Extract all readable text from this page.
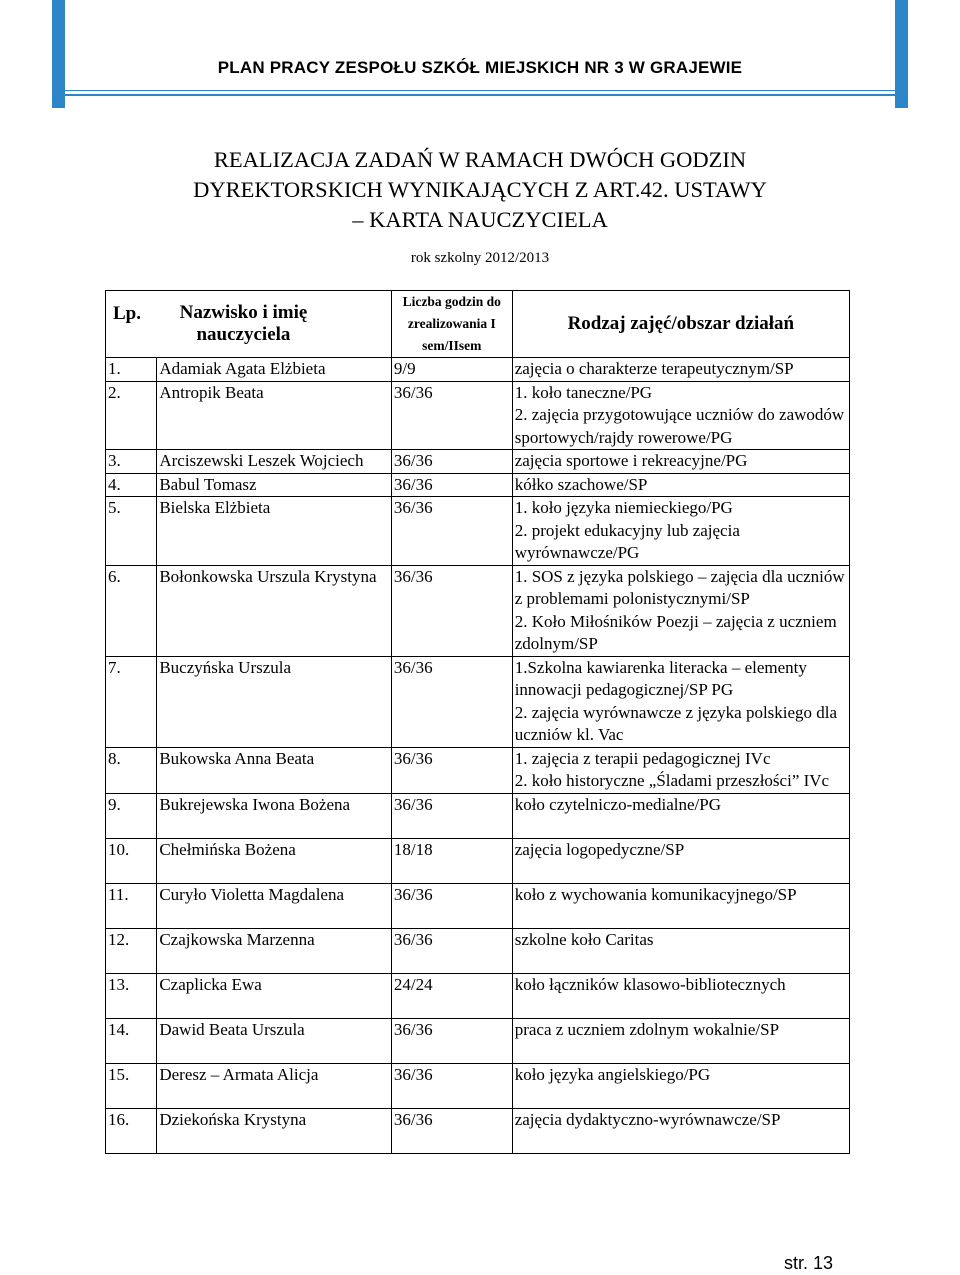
PLAN PRACY ZESPOŁU SZKÓŁ MIEJSKICH NR 3 W GRAJEWIE
REALIZACJA ZADAŃ W RAMACH DWÓCH GODZIN
DYREKTORSKICH WYNIKAJĄCYCH Z ART.42. USTAWY
– KARTA NAUCZYCIELA
rok szkolny 2012/2013
Lp. Nazwisko i imię nauczyciela		Liczba godzin do zrealizowania I sem/IIsem	Rodzaj zajęć/obszar działań
1.	Adamiak Agata Elżbieta	9/9	zajęcia o charakterze terapeutycznym/SP

2.	Antropik Beata	36/36	1. koło taneczne/PG
2. zajęcia przygotowujące uczniów do zawodów sportowych/rajdy rowerowe/PG

3.	Arciszewski Leszek Wojciech	36/36	zajęcia sportowe i rekreacyjne/PG

4.	Babul Tomasz	36/36	kółko szachowe/SP

5.	Bielska Elżbieta	36/36	1. koło języka niemieckiego/PG
2. projekt edukacyjny lub zajęcia wyrównawcze/PG

6.	Bołonkowska Urszula Krystyna	36/36	1. SOS z języka polskiego – zajęcia dla uczniów z problemami polonistycznymi/SP
2. Koło Miłośników Poezji – zajęcia z uczniem zdolnym/SP

7.	Buczyńska Urszula	36/36	1.Szkolna kawiarenka literacka – elementy innowacji pedagogicznej/SP PG
2. zajęcia wyrównawcze z języka polskiego dla uczniów kl. Vac

8.	Bukowska Anna Beata	36/36	1. zajęcia z terapii pedagogicznej IVc
2. koło historyczne „Śladami przeszłości” IVc

9.	Bukrejewska Iwona Bożena	36/36	koło czytelniczo-medialne/PG

10.	Chełmińska Bożena	18/18	zajęcia logopedyczne/SP

11.	Curyło Violetta Magdalena	36/36	koło z wychowania komunikacyjnego/SP

12.	Czajkowska Marzenna	36/36	szkolne koło Caritas

13.	Czaplicka Ewa	24/24	koło łączników klasowo-bibliotecznych

14.	Dawid Beata Urszula	36/36	praca z uczniem zdolnym wokalnie/SP

15.	Deresz – Armata Alicja	36/36	koło języka angielskiego/PG

16.	Dziekońska Krystyna	36/36	zajęcia dydaktyczno-wyrównawcze/SP
str. 13
